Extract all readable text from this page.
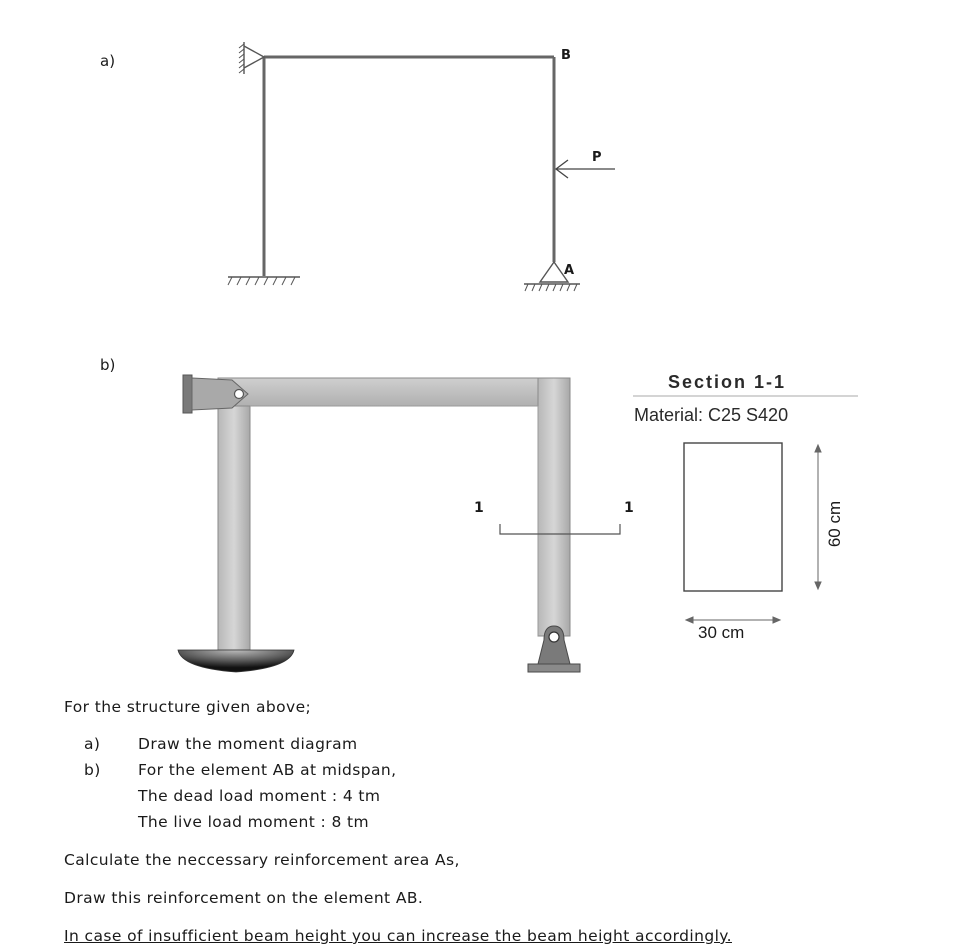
a)	B
P
A
b)
1	1
Section 1-1
Material: C25 S420
30 cm
60 cm
For the structure given above;
a) Draw the moment diagram
b) For the element AB at midspan,
The dead load moment : 4 tm
The live load moment : 8 tm
Calculate the neccessary reinforcement area As,
Draw this reinforcement on the element AB.
In case of insufficient beam height you can increase the beam height accordingly.
